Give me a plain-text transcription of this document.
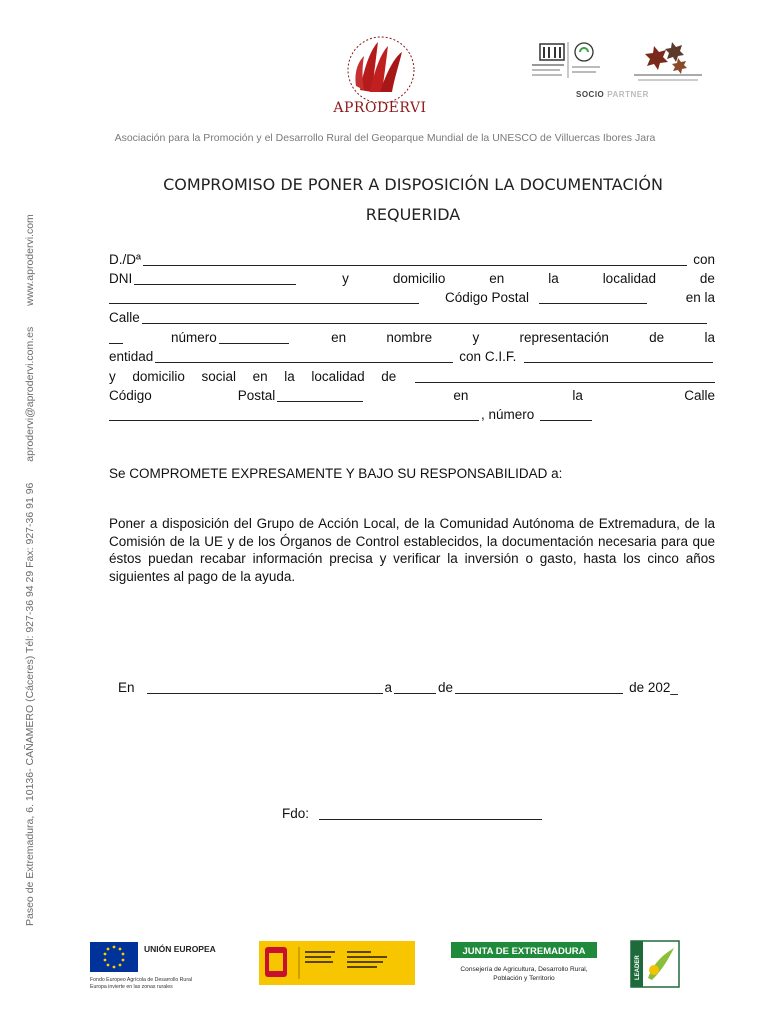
APRODERVI
SOCIO PARTNER
Asociación para la Promoción y el Desarrollo Rural del Geoparque Mundial de la UNESCO de Villuercas Ibores Jara
Paseo de Extremadura, 6. 10136- CAÑAMERO (Cáceres) Tél: 927-36 94 29 Fax: 927-36 91 96 aprodervi@aprodervi.com.es www.aprodervi.com
COMPROMISO DE PONER A DISPOSICIÓN LA DOCUMENTACIÓN
REQUERIDA
D./Dª	con
DNI	y	domicilio	en	la	localidad	de
Código Postal	en la
Calle
número	en	nombre	y	representación	de	la
entidad	con C.I.F.
y domicilio social en la localidad de
Código	Postal	en	la	Calle
, número
Se COMPROMETE EXPRESAMENTE Y BAJO SU RESPONSABILIDAD a:
Poner a disposición del Grupo de Acción Local, de la Comunidad Autónoma de Extremadura, de la Comisión de la UE y de los Órganos de Control establecidos, la documentación necesaria para que éstos puedan recabar información precisa y verificar la inversión o gasto, hasta los cinco años siguientes al pago de la ayuda.
En	a	de	de 202_
Fdo:
UNIÓN EUROPEA
Fondo Europeo Agrícola de Desarrollo Rural
Europa invierte en las zonas rurales
JUNTA DE EXTREMADURA
Consejería de Agricultura, Desarrollo Rural,
Población y Territorio	LEADER
